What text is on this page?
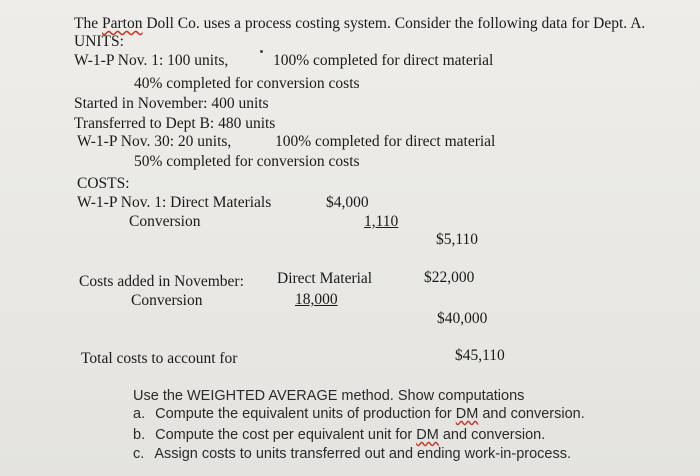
The Parton Doll Co. uses a process costing system. Consider the following data for Dept. A.
UNITS:
W-1-P Nov. 1: 100 units,	100% completed for direct material
40% completed for conversion costs
Started in November: 400 units
Transferred to Dept B: 480 units
W-1-P Nov. 30: 20 units,	100% completed for direct material
50% completed for conversion costs
COSTS:
W-1-P Nov. 1: Direct Materials	$4,000
Conversion	1,110
$5,110
Costs added in November: Direct Material	$22,000
Conversion	18,000
$40,000
Total costs to account for	$45,110
Use the WEIGHTED AVERAGE method. Show computations
a. Compute the equivalent units of production for DM and conversion.
b. Compute the cost per equivalent unit for DM and conversion.
c. Assign costs to units transferred out and ending work-in-process.
